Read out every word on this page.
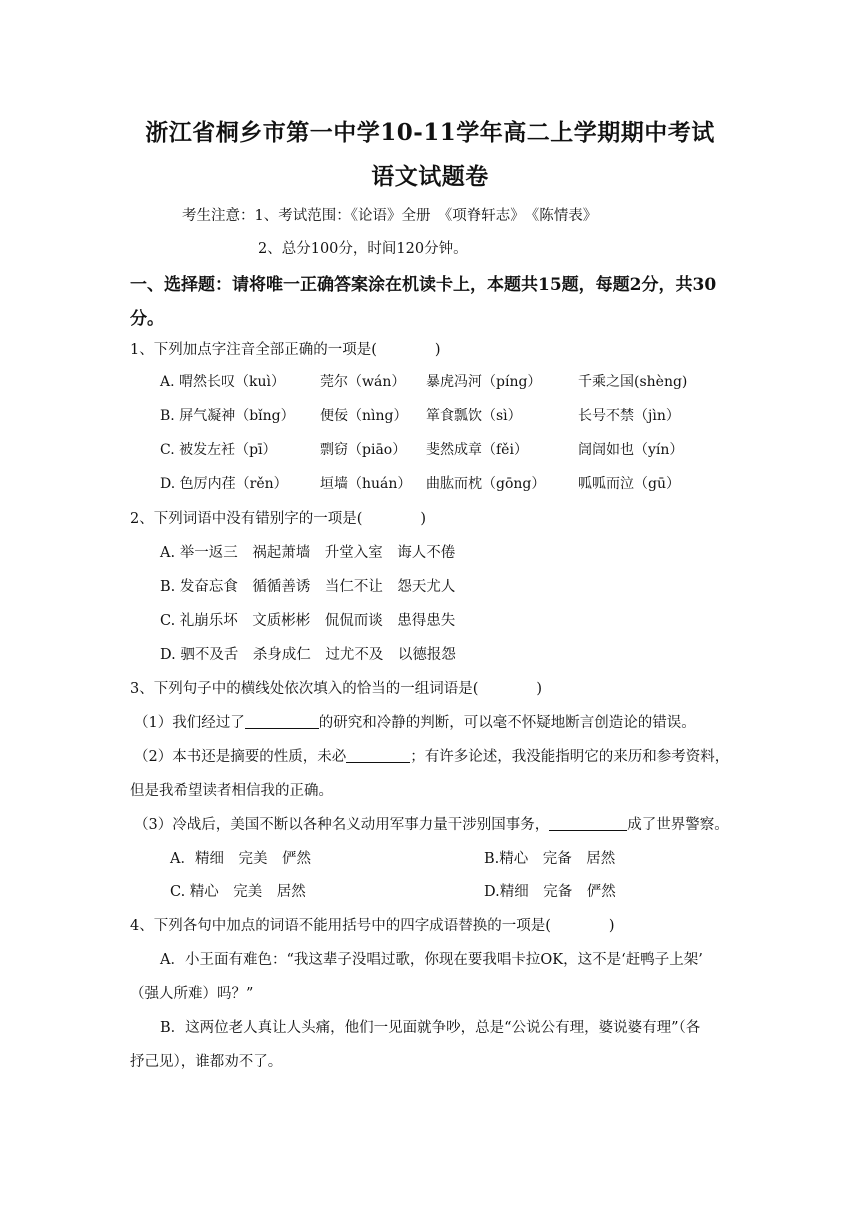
浙江省桐乡市第一中学10-11学年高二上学期期中考试
语文试题卷
考生注意：1、考试范围：《论语》全册　《项脊轩志》　《陈情表》
2、总分100分，时间120分钟。
一、选择题：请将唯一正确答案涂在机读卡上，本题共15题，每题2分，共30
分。
1、下列加点字注音全部正确的一项是(　　　　)
A. 喟然长叹（kuì）	莞尔（wán） 暴虎冯河（píng）	千乘之国(shèng)
B. 屏气凝神（bǐng） 便佞（nìng） 箪食瓢饮（sì）	长号不禁（jìn）
C. 被发左衽（pī）	剽窃（piāo） 斐然成章（fěi）	訚訚如也（yín）
D. 色厉内荏（rěn） 垣墙（huán） 曲肱而枕（gōng） 呱呱而泣（gū）
2、下列词语中没有错别字的一项是(　　　　)
A. 举一返三　祸起萧墙　升堂入室　诲人不倦
B. 发奋忘食　循循善诱　当仁不让　怨天尤人
C. 礼崩乐坏　文质彬彬　侃侃而谈　患得患失
D. 驷不及舌　杀身成仁　过尤不及　以德报怨
3、下列句子中的横线处依次填入的恰当的一组词语是(　　　　)
（1）我们经过了	的研究和冷静的判断，可以毫不怀疑地断言创造论的错误。
（2）本书还是摘要的性质，未必	；有许多论述，我没能指明它的来历和参考资料，
但是我希望读者相信我的正确。
（3）冷战后，美国不断以各种名义动用军事力量干涉别国事务，	成了世界警察。
A．精细　完美　俨然	B.精心　完备　居然
C. 精心　完美　居然	D.精细　完备　俨然
4、下列各句中加点的词语不能用括号中的四字成语替换的一项是(　　　　)
A．小王面有难色：“我这辈子没唱过歌，你现在要我唱卡拉OK，这不是‘赶鸭子上架’
（强人所难）吗？”
B．这两位老人真让人头痛，他们一见面就争吵，总是“公说公有理，婆说婆有理”（各
抒己见），谁都劝不了。
